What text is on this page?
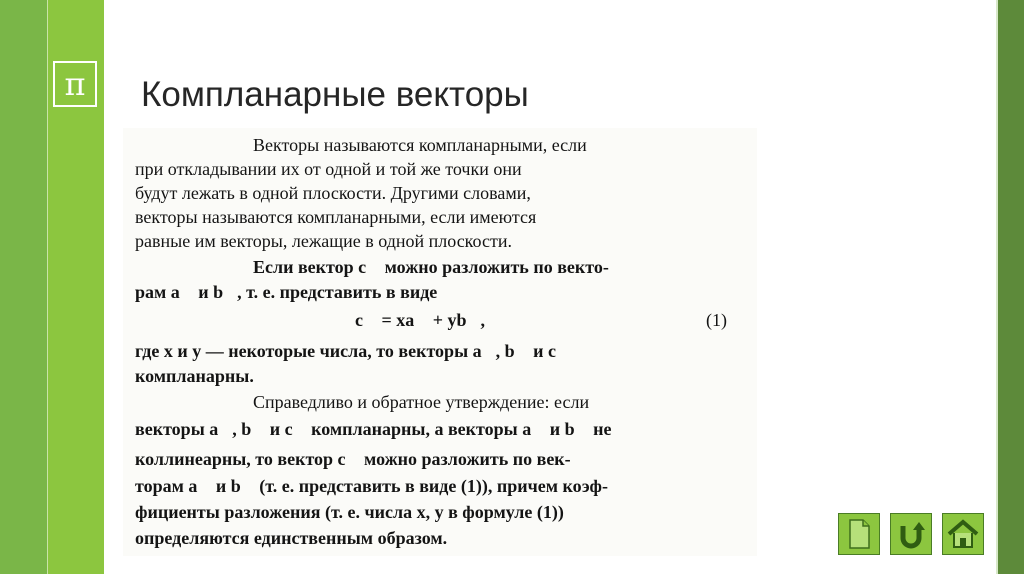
π	Компланарные векторы
Векторы называются компланарными, если
при откладывании их от одной и той же точки они
будут лежать в одной плоскости. Другими словами,
векторы называются компланарными, если имеются
равные им векторы, лежащие в одной плоскости.
Если вектор c⃗ можно разложить по векто-
рам a⃗ и b⃗, т. е. представить в виде
c⃗ = xa⃗ + yb⃗,	(1)
где x и y — некоторые числа, то векторы a⃗, b⃗ и c⃗
компланарны.
Справедливо и обратное утверждение: если
векторы a⃗, b⃗ и c⃗ компланарны, а векторы a⃗ и b⃗ не
коллинеарны, то вектор c⃗ можно разложить по век-
торам a⃗ и b⃗ (т. е. представить в виде (1)), причем коэф-
фициенты разложения (т. е. числа x, y в формуле (1))
определяются единственным образом.
